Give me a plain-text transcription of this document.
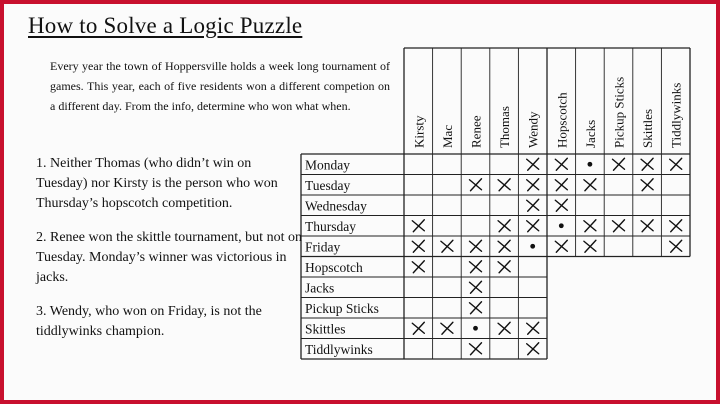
How to Solve a Logic Puzzle
Every year the town of Hoppersville holds a week long tournament of games. This year, each of five residents won a different competion on a different day. From the info, determine who won what when.
1. Neither Thomas (who didn’t win on Tuesday) nor Kirsty is the person who won Thursday’s hopscotch competition.
2. Renee won the skittle tournament, but not on Tuesday. Monday’s winner was victorious in jacks.
3. Wendy, who won on Friday, is not the tiddlywinks champion.
Kirsty Mac Renee Thomas Wendy Hopscotch Jacks Pickup Sticks Skittles Tiddlywinks
Monday
Tuesday
Wednesday
Thursday
Friday
Hopscotch
Jacks
Pickup Sticks
Skittles
Tiddlywinks
